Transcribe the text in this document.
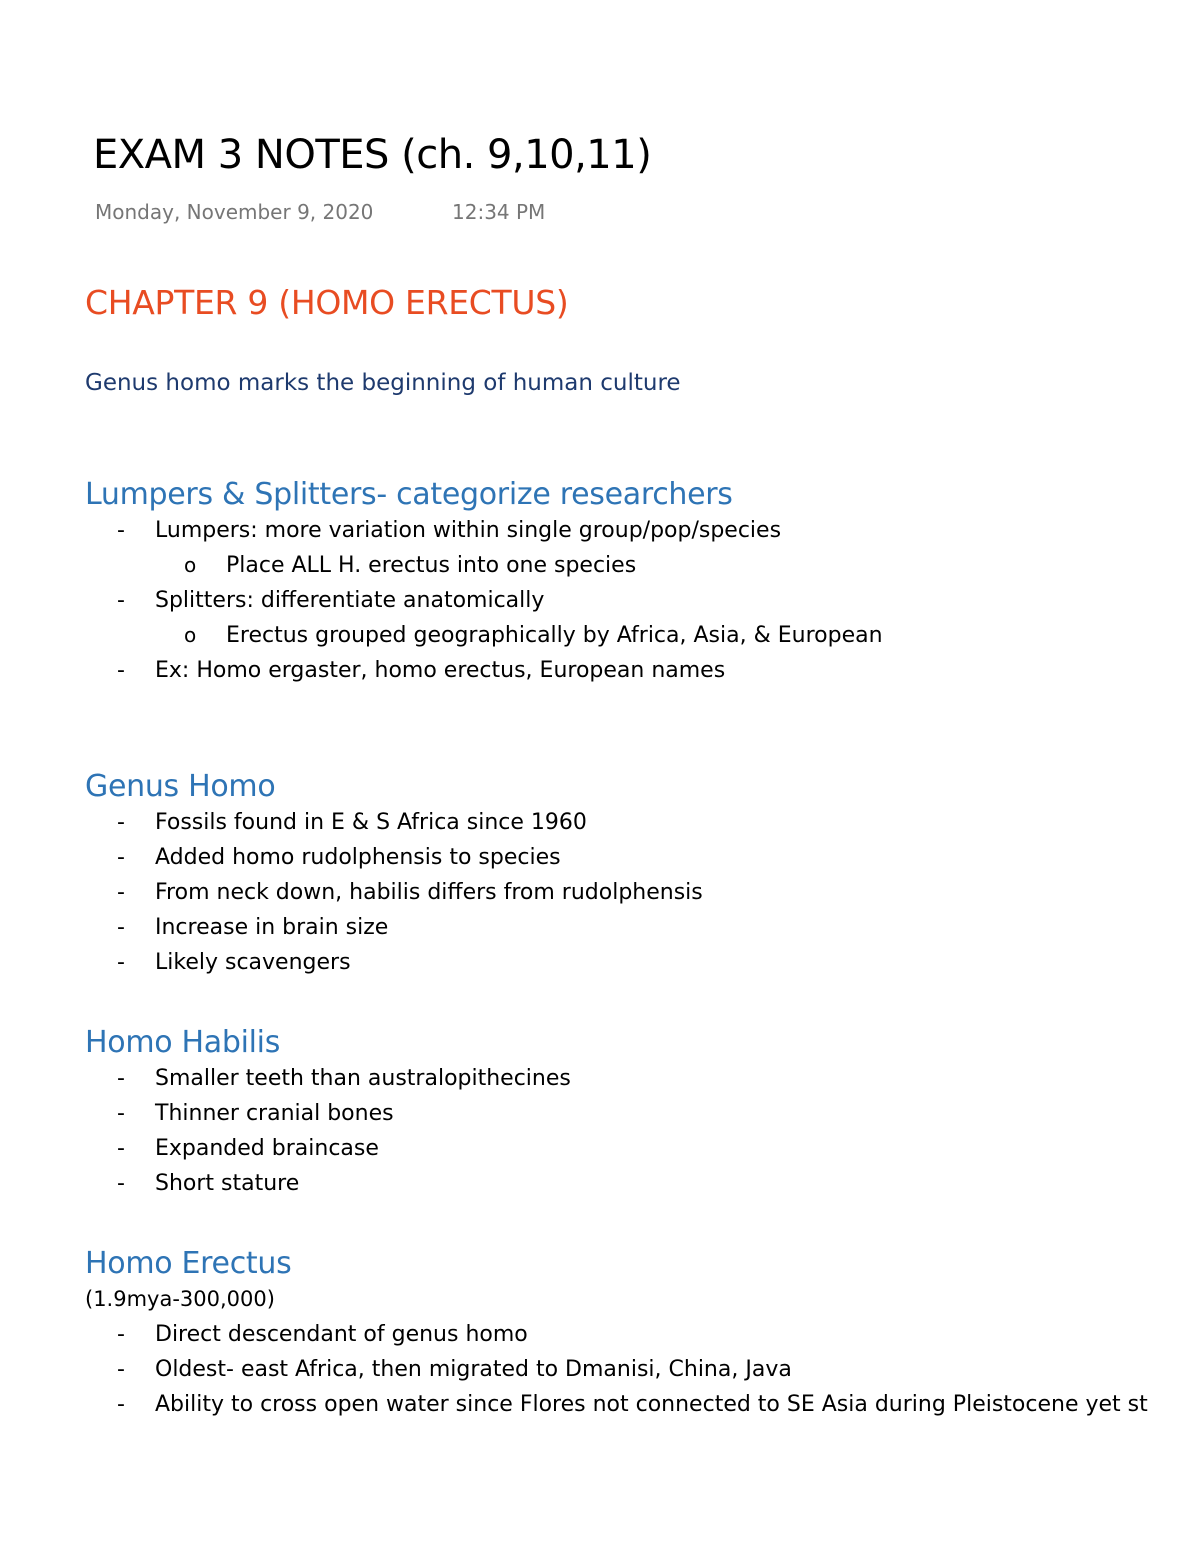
EXAM 3 NOTES (ch. 9,10,11)
Monday, November 9, 2020	12:34 PM
CHAPTER 9 (HOMO ERECTUS)
Genus homo marks the beginning of human culture
Lumpers & Splitters- categorize researchers
- Lumpers: more variation within single group/pop/species
o Place ALL H. erectus into one species
- Splitters: differentiate anatomically
o Erectus grouped geographically by Africa, Asia, & European
- Ex: Homo ergaster, homo erectus, European names
Genus Homo
- Fossils found in E & S Africa since 1960
- Added homo rudolphensis to species
- From neck down, habilis differs from rudolphensis
- Increase in brain size
- Likely scavengers
Homo Habilis
- Smaller teeth than australopithecines
- Thinner cranial bones
- Expanded braincase
- Short stature
Homo Erectus
(1.9mya-300,000)
- Direct descendant of genus homo
- Oldest- east Africa, then migrated to Dmanisi, China, Java
- Ability to cross open water since Flores not connected to SE Asia during Pleistocene yet st
